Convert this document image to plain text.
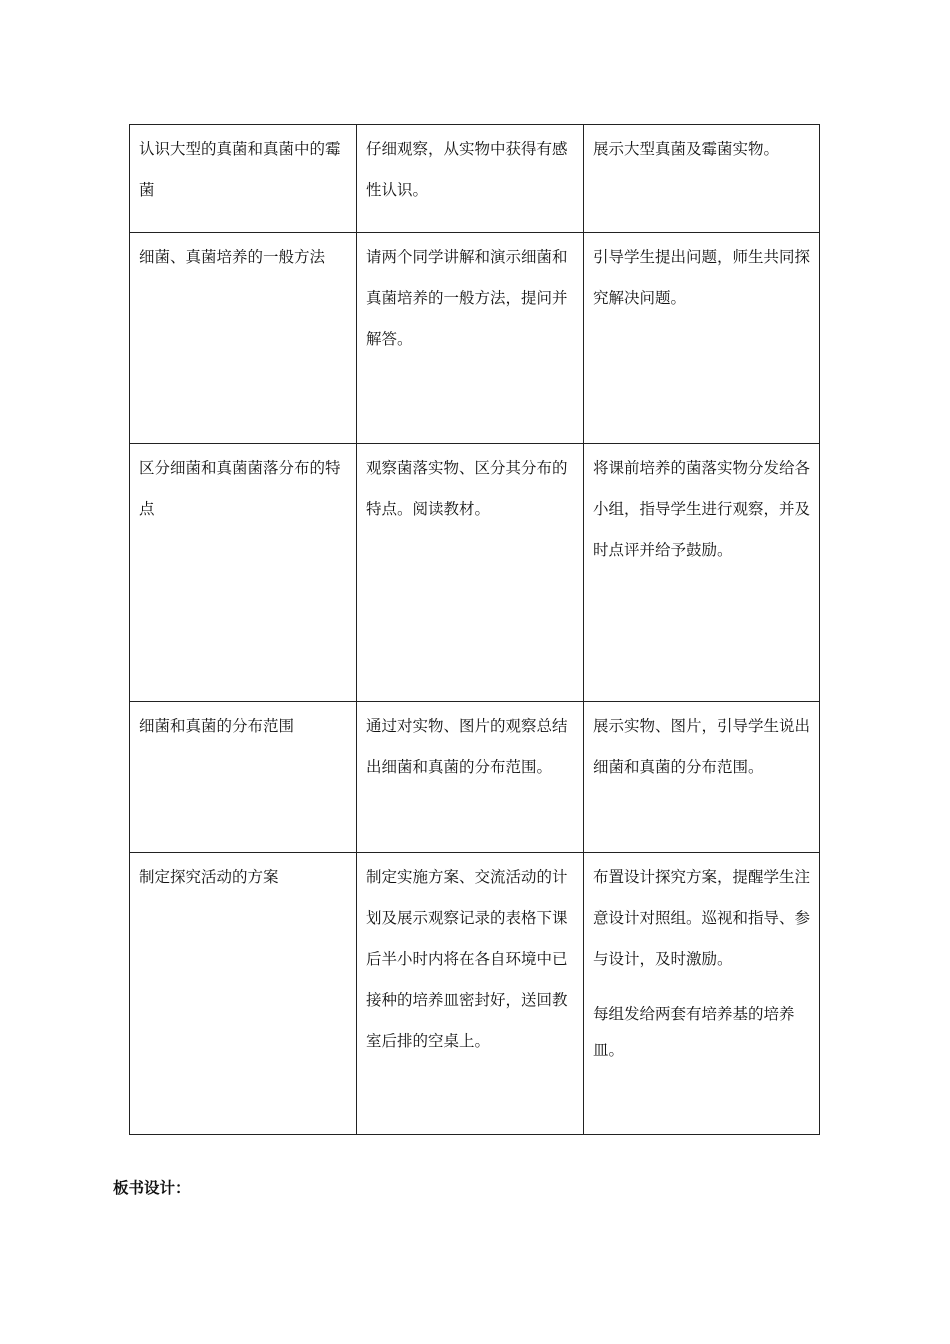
认识大型的真菌和真菌中的霉菌	仔细观察，从实物中获得有感性认识。	展示大型真菌及霉菌实物。

细菌、真菌培养的一般方法	请两个同学讲解和演示细菌和真菌培养的一般方法，提问并解答。	引导学生提出问题，师生共同探究解决问题。

区分细菌和真菌菌落分布的特点	观察菌落实物、区分其分布的特点。阅读教材。	将课前培养的菌落实物分发给各小组，指导学生进行观察，并及时点评并给予鼓励。

细菌和真菌的分布范围	通过对实物、图片的观察总结出细菌和真菌的分布范围。	展示实物、图片，引导学生说出细菌和真菌的分布范围。

制定探究活动的方案	制定实施方案、交流活动的计划及展示观察记录的表格下课后半小时内将在各自环境中已接种的培养皿密封好，送回教室后排的空桌上。	布置设计探究方案，提醒学生注意设计对照组。巡视和指导、参与设计，及时激励。

每组发给两套有培养基的培养皿。

板书设计：
